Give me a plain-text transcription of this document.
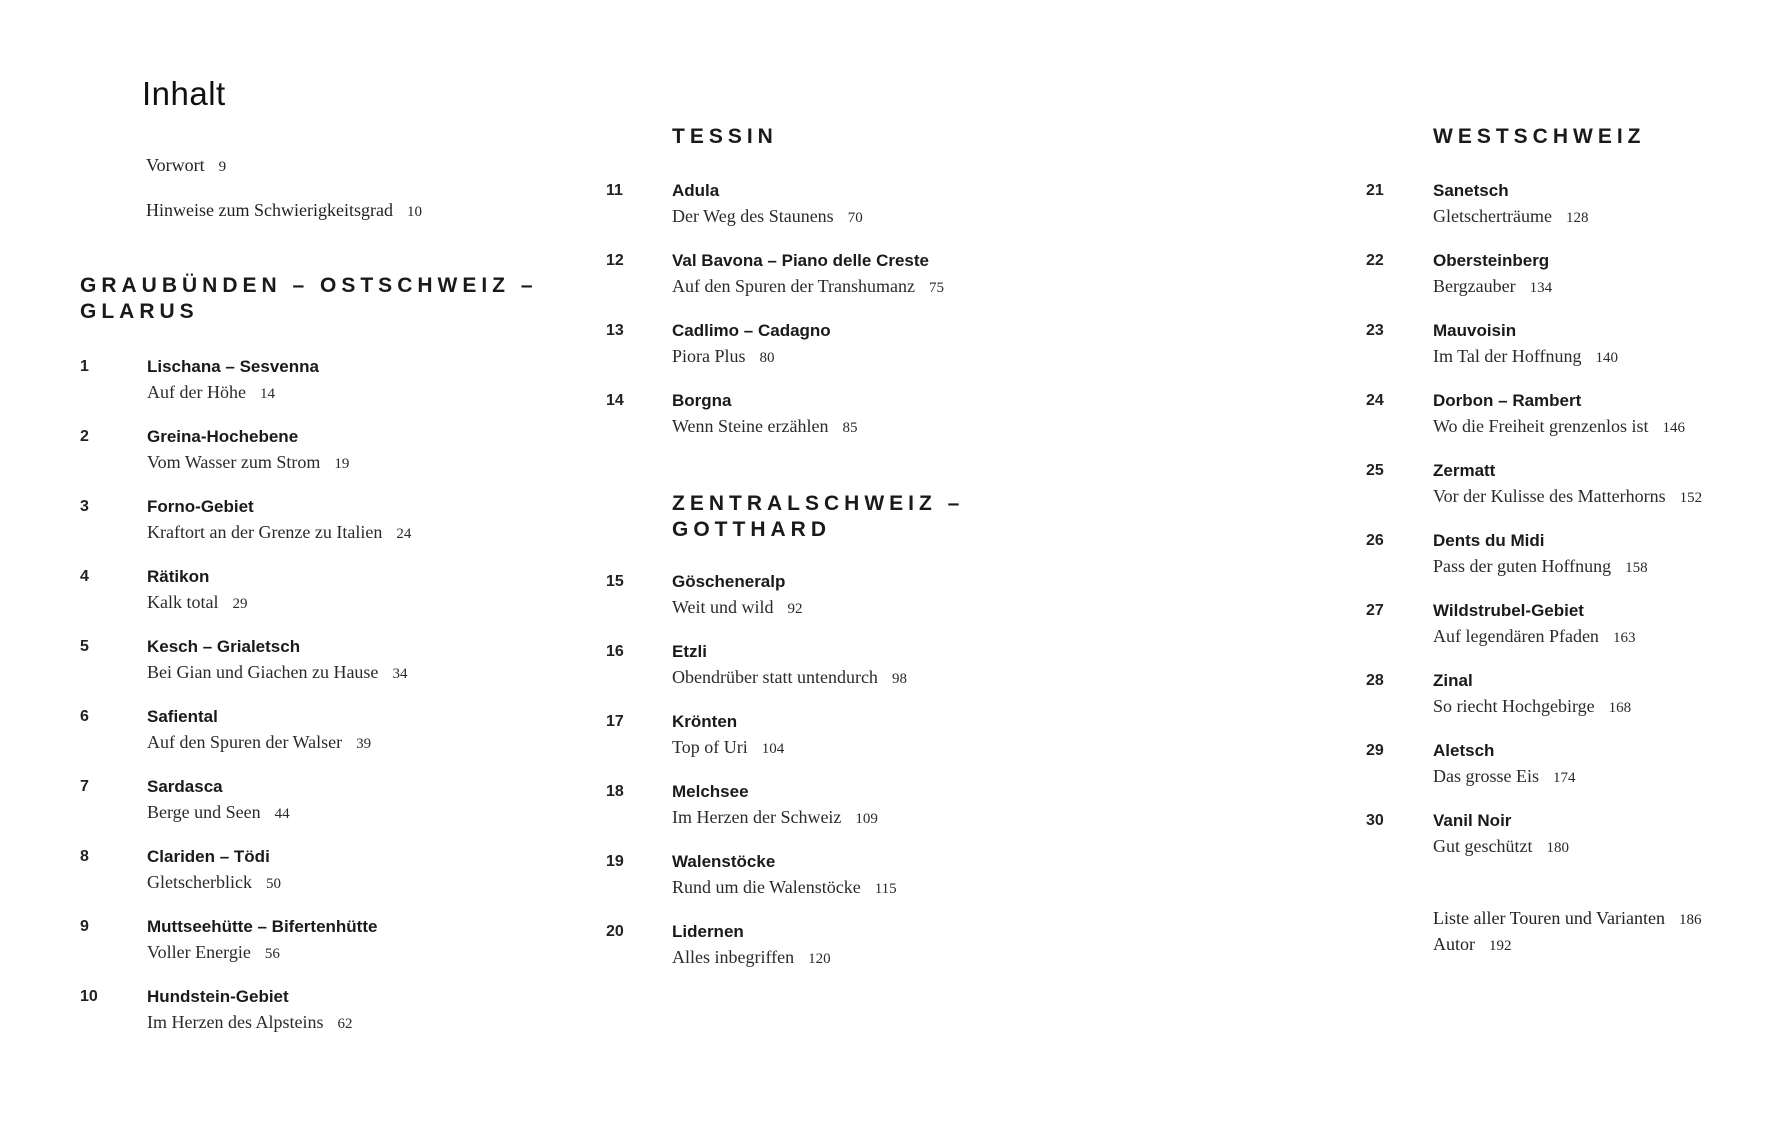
Inhalt
Vorwort 9
Hinweise zum Schwierigkeitsgrad 10
GRAUBÜNDEN – OSTSCHWEIZ –
GLARUS
TESSIN
ZENTRALSCHWEIZ –
GOTTHARD
WESTSCHWEIZ
1	Lischana – Sesvenna
Auf der Höhe 14
2	Greina-Hochebene
Vom Wasser zum Strom 19
3	Forno-Gebiet
Kraftort an der Grenze zu Italien 24
4	Rätikon
Kalk total 29
5	Kesch – Grialetsch
Bei Gian und Giachen zu Hause 34
6	Safiental
Auf den Spuren der Walser 39
7	Sardasca
Berge und Seen 44
8	Clariden – Tödi
Gletscherblick 50
9	Muttseehütte – Bifertenhütte
Voller Energie 56
10	Hundstein-Gebiet
Im Herzen des Alpsteins 62
11	Adula
Der Weg des Staunens 70
12	Val Bavona – Piano delle Creste
Auf den Spuren der Transhumanz 75
13	Cadlimo – Cadagno
Piora Plus 80
14	Borgna
Wenn Steine erzählen 85
15	Göscheneralp
Weit und wild 92
16	Etzli
Obendrüber statt untendurch 98
17	Krönten
Top of Uri 104
18	Melchsee
Im Herzen der Schweiz 109
19	Walenstöcke
Rund um die Walenstöcke 115
20	Lidernen
Alles inbegriffen 120
21	Sanetsch
Gletscherträume 128
22	Obersteinberg
Bergzauber 134
23	Mauvoisin
Im Tal der Hoffnung 140
24	Dorbon – Rambert
Wo die Freiheit grenzenlos ist 146
25	Zermatt
Vor der Kulisse des Matterhorns 152
26	Dents du Midi
Pass der guten Hoffnung 158
27	Wildstrubel-Gebiet
Auf legendären Pfaden 163
28	Zinal
So riecht Hochgebirge 168
29	Aletsch
Das grosse Eis 174
30	Vanil Noir
Gut geschützt 180
Liste aller Touren und Varianten 186
Autor 192
